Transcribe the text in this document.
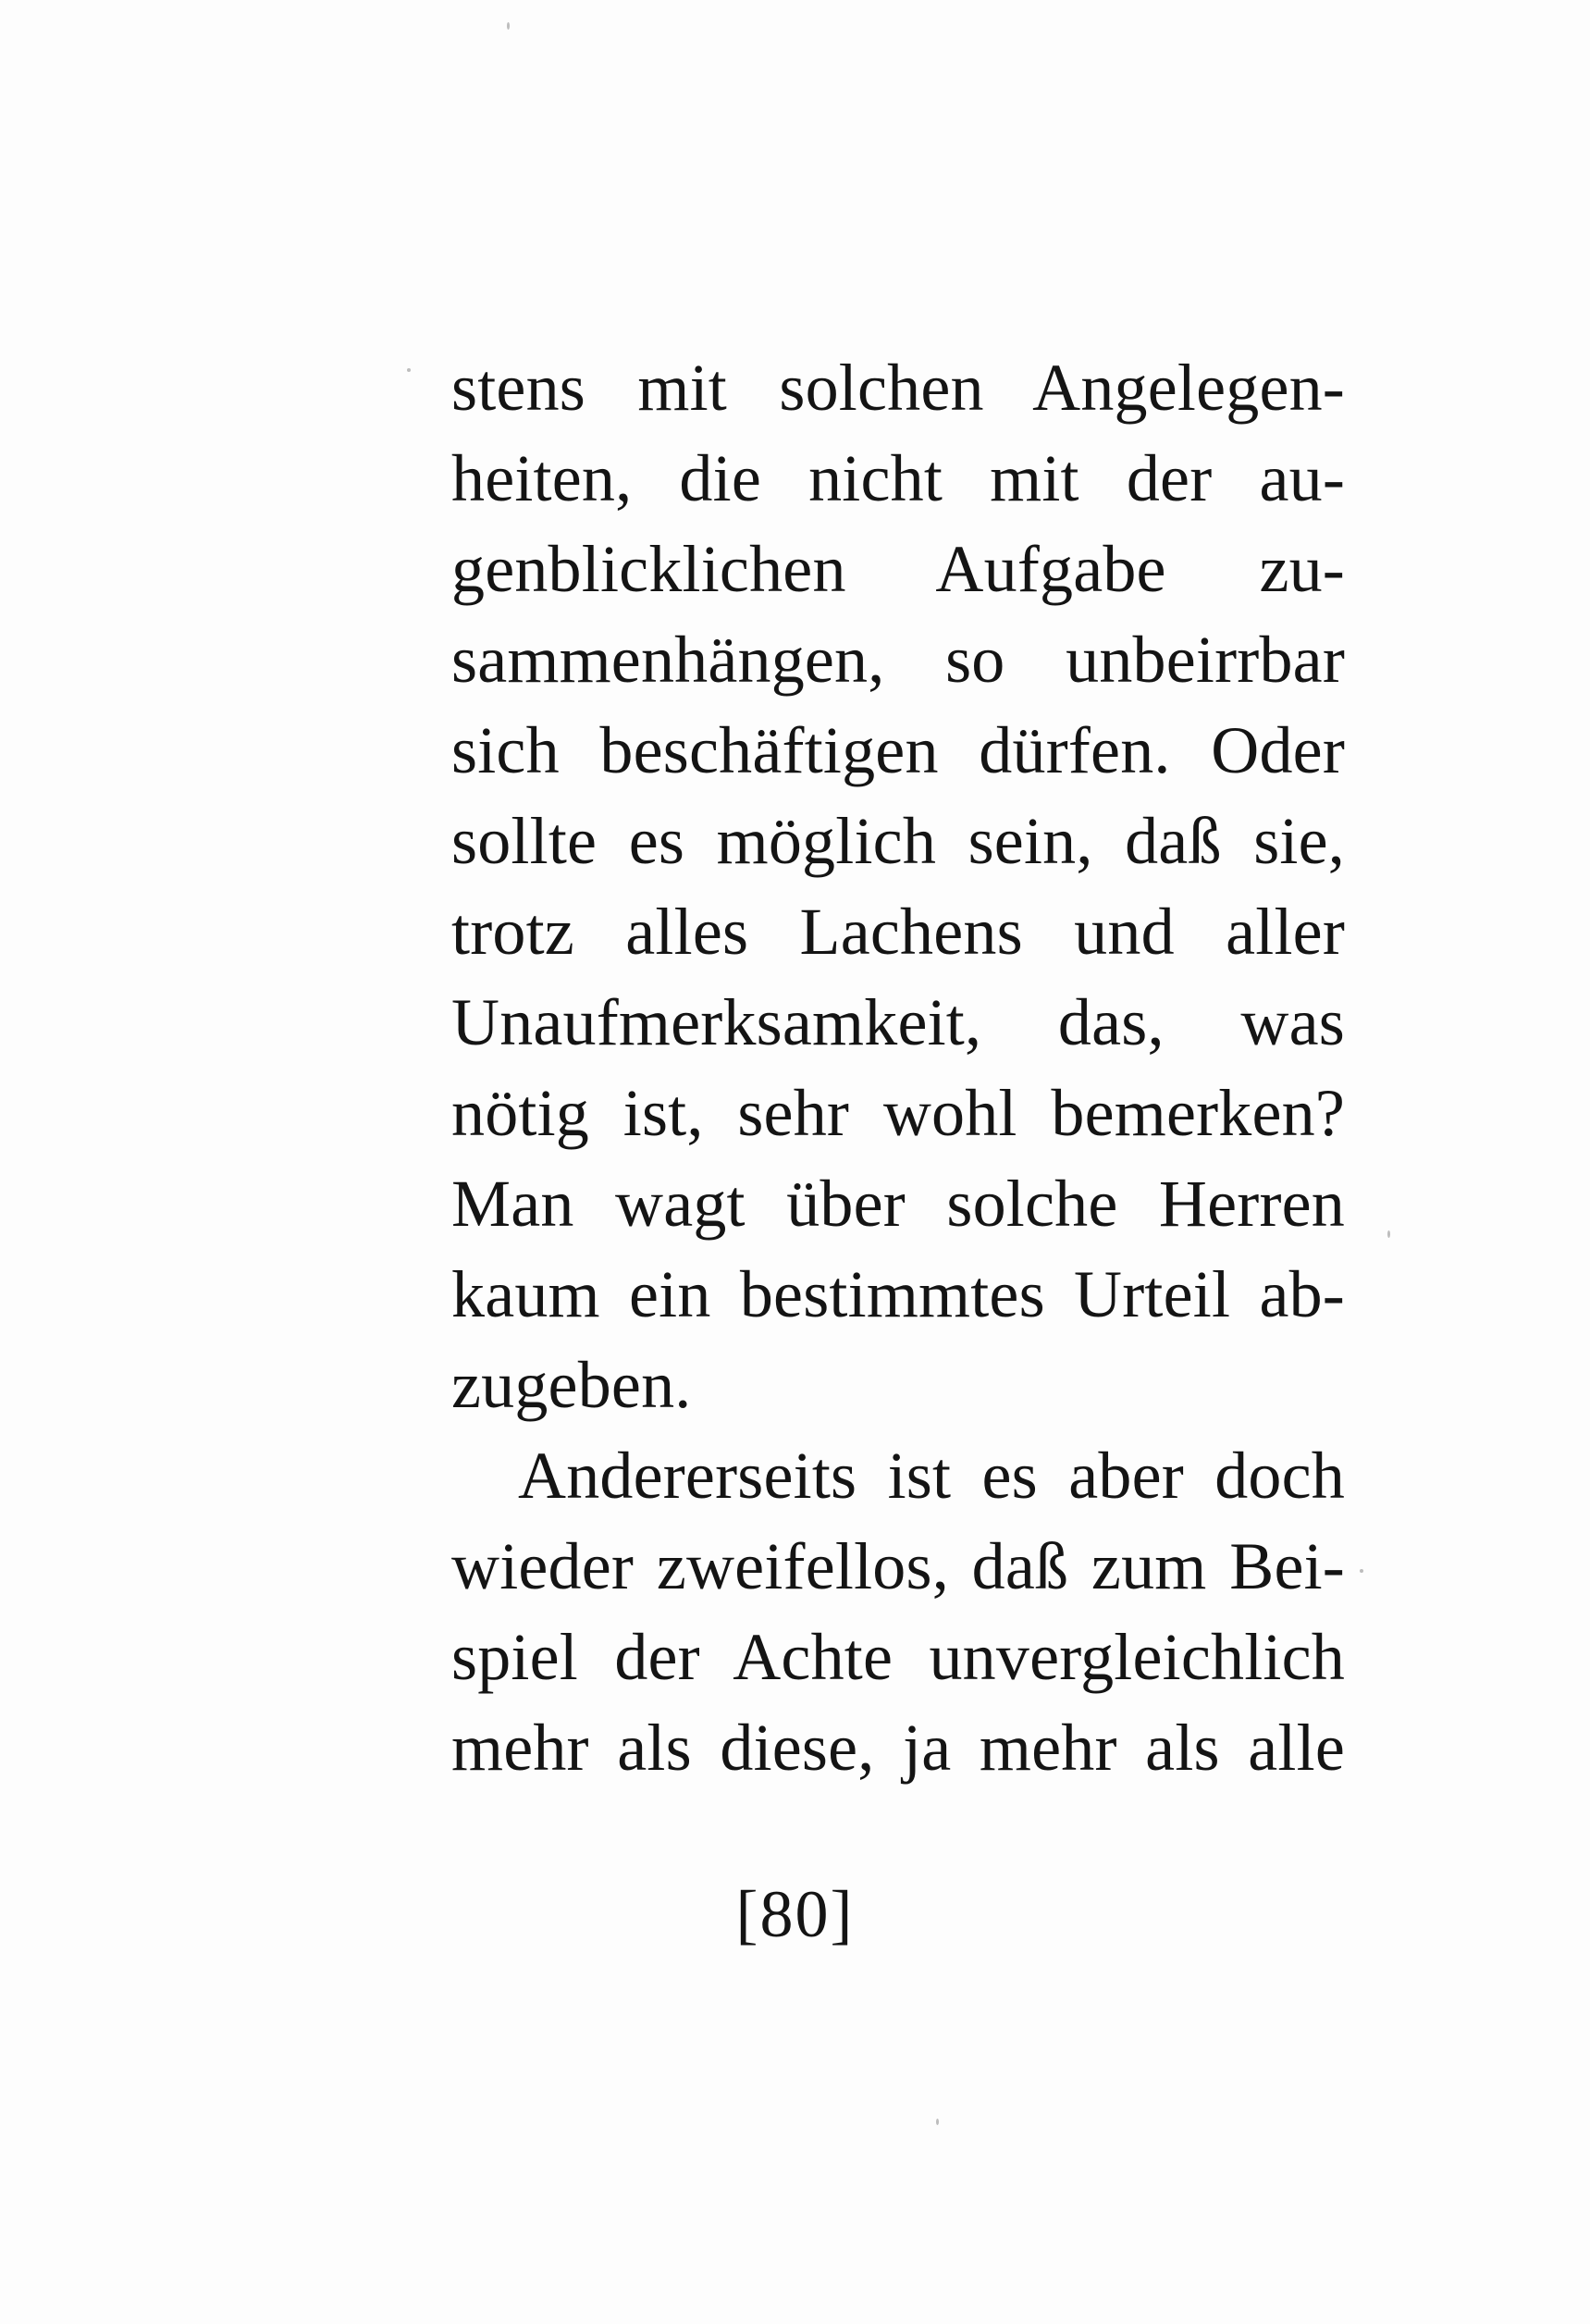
stens mit solchen Angelegen-
heiten, die nicht mit der au-
genblicklichen Aufgabe zu-
sammenhängen, so unbeirrbar
sich beschäftigen dürfen. Oder
sollte es möglich sein, daß sie,
trotz alles Lachens und aller
Unaufmerksamkeit, das, was
nötig ist, sehr wohl bemerken?
Man wagt über solche Herren
kaum ein bestimmtes Urteil ab-
zugeben.
Andererseits ist es aber doch
wieder zweifellos, daß zum Bei-
spiel der Achte unvergleichlich
mehr als diese, ja mehr als alle
[80]
